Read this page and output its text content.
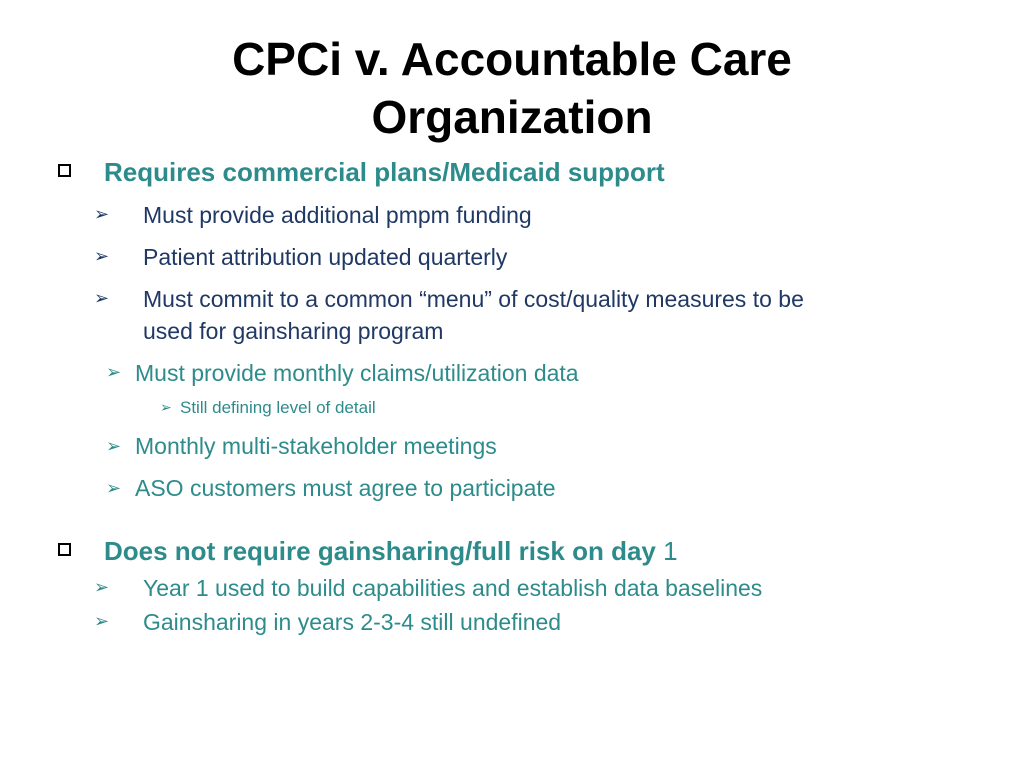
CPCi v. Accountable Care
Organization
Requires commercial plans/Medicaid support
➢ Must provide additional pmpm funding
➢ Patient attribution updated quarterly
➢ Must commit to a common “menu” of cost/quality measures to be
used for gainsharing program
➢ Must provide monthly claims/utilization data
➢ Still defining level of detail
➢ Monthly multi-stakeholder meetings
➢ ASO customers must agree to participate
Does not require gainsharing/full risk on day 1
➢ Year 1 used to build capabilities and establish data baselines
➢ Gainsharing in years 2-3-4 still undefined
